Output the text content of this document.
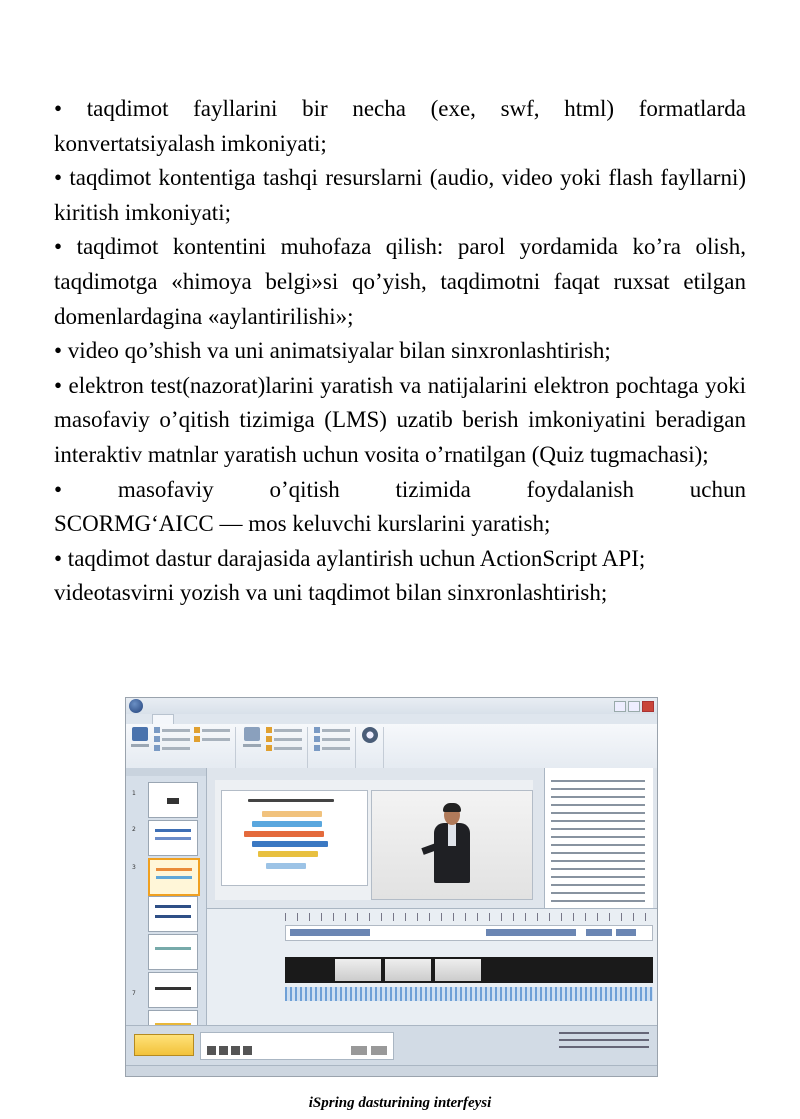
• taqdimot fayllarini bir necha (exe, swf, html) formatlarda konvertatsiyalash imkoniyati;

• taqdimot kontentiga tashqi resurslarni (audio, video yoki flash fayllarni) kiritish imkoniyati;

• taqdimot kontentini muhofaza qilish: parol yordamida ko’ra olish, taqdimotga «himoya belgi»si qo’yish, taqdimotni faqat ruxsat etilgan domenlardagina «aylantirilishi»;

• video qo’shish va uni animatsiyalar bilan sinxronlashtirish;

• elektron test(nazorat)larini yaratish va natijalarini elektron pochtaga yoki masofaviy o’qitish tizimiga (LMS) uzatib berish imkoniyatini beradigan interaktiv matnlar yaratish uchun vosita o’rnatilgan (Quiz tugmachasi);

• masofaviy o’qitish tizimida foydalanish uchun

SCORMG‘AICC — mos keluvchi kurslarini yaratish;

• taqdimot dastur darajasida aylantirish uchun ActionScript API;

videotasvirni yozish va uni taqdimot bilan sinxronlashtirish;

1
2
3
7
iSpring dasturining interfeysi
